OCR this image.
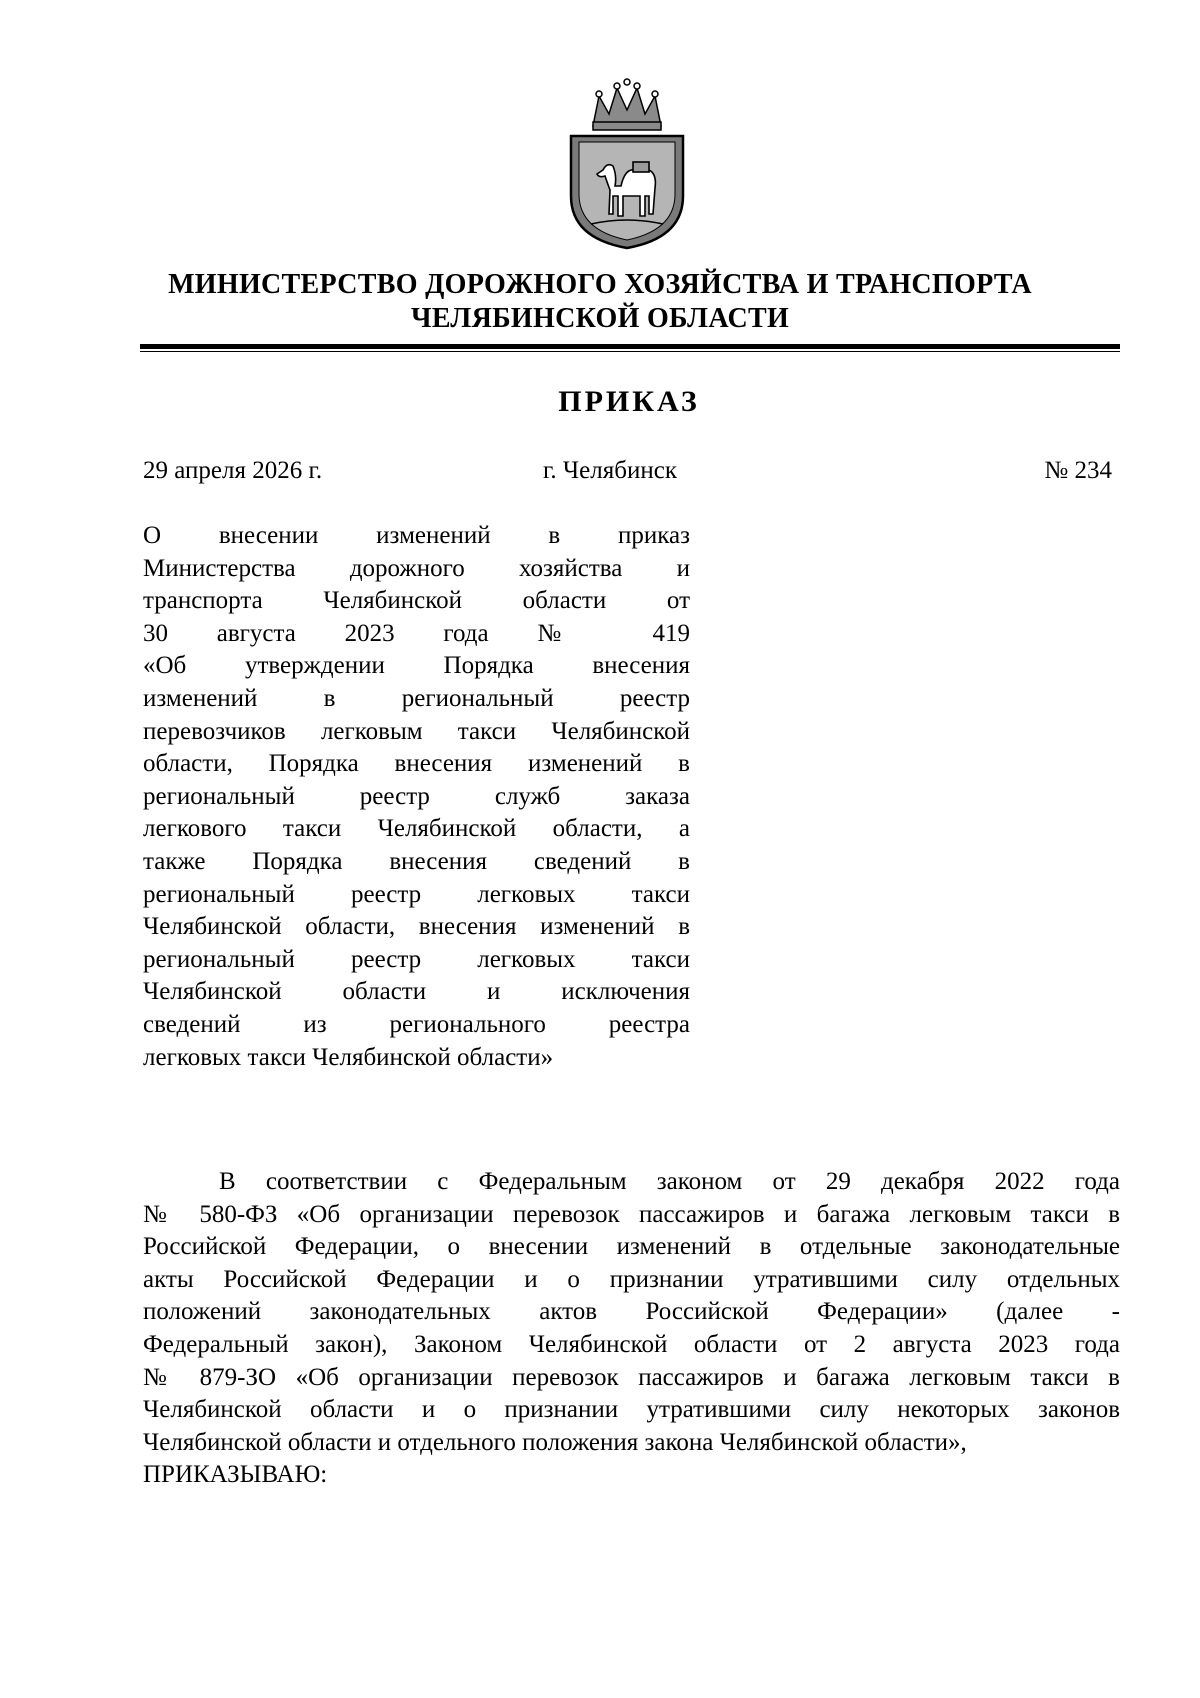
МИНИСТЕРСТВО ДОРОЖНОГО ХОЗЯЙСТВА И ТРАНСПОРТА
ЧЕЛЯБИНСКОЙ ОБЛАСТИ
ПРИКАЗ
29 апреля 2026 г.	г. Челябинск	№ 234
О внесении изменений в приказ
Министерства дорожного хозяйства и
транспорта Челябинской области от
30 августа 2023 года № 419
«Об утверждении Порядка внесения
изменений в региональный реестр
перевозчиков легковым такси Челябинской
области, Порядка внесения изменений в
региональный реестр служб заказа
легкового такси Челябинской области, а
также Порядка внесения сведений в
региональный реестр легковых такси
Челябинской области, внесения изменений в
региональный реестр легковых такси
Челябинской области и исключения
сведений из регионального реестра
легковых такси Челябинской области»
В соответствии с Федеральным законом от 29 декабря 2022 года
№ 580-ФЗ «Об организации перевозок пассажиров и багажа легковым такси в
Российской Федерации, о внесении изменений в отдельные законодательные
акты Российской Федерации и о признании утратившими силу отдельных
положений законодательных актов Российской Федерации» (далее -
Федеральный закон), Законом Челябинской области от 2 августа 2023 года
№ 879-ЗО «Об организации перевозок пассажиров и багажа легковым такси в
Челябинской области и о признании утратившими силу некоторых законов
Челябинской области и отдельного положения закона Челябинской области»,
ПРИКАЗЫВАЮ:
